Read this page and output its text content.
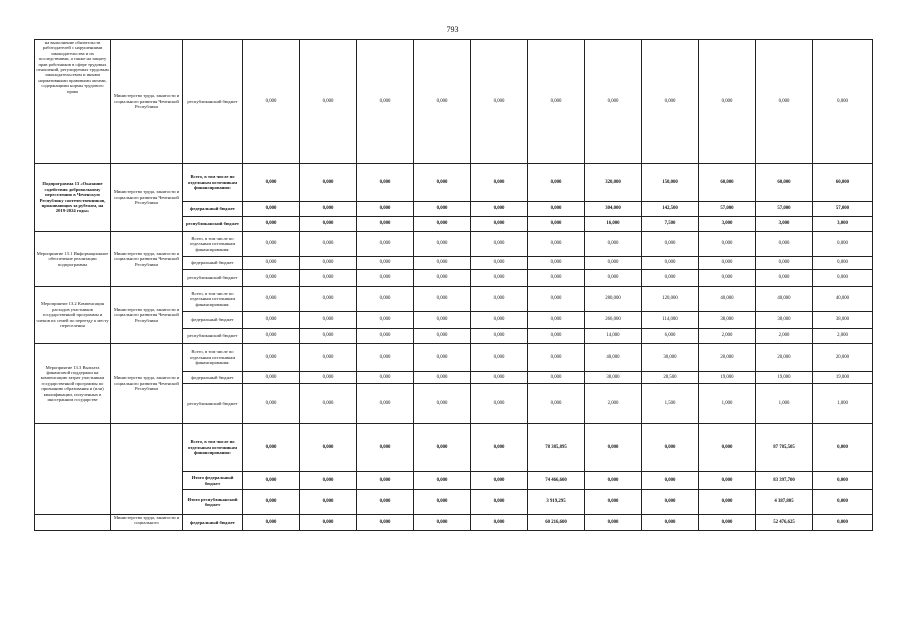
793
на выполнение обязательств работодателей с нарушениями законодательства и их последствиями, а также на защиту прав работников в сфере трудовых отношений, регулируемых трудовым законодательством и иными нормативными правовыми актами, содержащими нормы трудового права	Министерство труда, занятости и социального развития Чеченской Республики	республиканский бюджет	0,000	0,000	0,000	0,000	0,000	0,000	0,000	0,000	0,000	0,000	0,000
Подпрограмма 13 «Оказание содействия добровольному переселению в Чеченскую Республику соотечественников, проживающих за рубежом, на 2019-2024 годы»	Министерство труда, занятости и социального развития Чеченской Республики	Всего, в том числе по отдельным источникам финансирования:	0,000	0,000	0,000	0,000	0,000	0,000	320,000	150,000	60,000	60,000	60,000
		федеральный бюджет	0,000	0,000	0,000	0,000	0,000	0,000	304,000	142,500	57,000	57,000	57,000
		республиканский бюджет	0,000	0,000	0,000	0,000	0,000	0,000	16,000	7,500	3,000	3,000	3,000
Мероприятие 13.1 Информационное обеспечение реализации подпрограммы	Министерство труда, занятости и социального развития Чеченской Республики	Всего, в том числе по отдельным источникам финансирования:	0,000	0,000	0,000	0,000	0,000	0,000	0,000	0,000	0,000	0,000	0,000
		федеральный бюджет	0,000	0,000	0,000	0,000	0,000	0,000	0,000	0,000	0,000	0,000	0,000
		республиканский бюджет	0,000	0,000	0,000	0,000	0,000	0,000	0,000	0,000	0,000	0,000	0,000
Мероприятие 13.2 Компенсация расходов участников государственной программы и членов их семей по переезду к месту переселения	Министерство труда, занятости и социального развития Чеченской Республики	Всего, в том числе по отдельным источникам финансирования:	0,000	0,000	0,000	0,000	0,000	0,000	280,000	120,000	40,000	40,000	40,000
		федеральный бюджет	0,000	0,000	0,000	0,000	0,000	0,000	266,000	114,000	38,000	38,000	38,000
		республиканский бюджет	0,000	0,000	0,000	0,000	0,000	0,000	14,000	6,000	2,000	2,000	2,000
Мероприятие 13.3 Выплата финансовой поддержки на компенсацию затрат участникам государственной программы по признанию образования и (или) квалификации, полученных в иностранном государстве	Министерство труда, занятости и социального развития Чеченской Республики	Всего, в том числе по отдельным источникам финансирования:	0,000	0,000	0,000	0,000	0,000	0,000	40,000	30,000	20,000	20,000	20,000
		федеральный бюджет	0,000	0,000	0,000	0,000	0,000	0,000	38,000	28,500	19,000	19,000	19,000
		республиканский бюджет	0,000	0,000	0,000	0,000	0,000	0,000	2,000	1,500	1,000	1,000	1,000
		Всего, в том числе по отдельным источникам финансирования:	0,000	0,000	0,000	0,000	0,000	78 385,895	0,000	0,000	0,000	87 785,505	0,000
		Итого федеральный бюджет	0,000	0,000	0,000	0,000	0,000	74 466,600	0,000	0,000	0,000	83 397,700	0,000
		Итого республиканский бюджет	0,000	0,000	0,000	0,000	0,000	3 919,295	0,000	0,000	0,000	4 387,805	0,000
	Министерство труда, занятости и социального	федеральный бюджет	0,000	0,000	0,000	0,000	0,000	60 216,600	0,000	0,000	0,000	52 476,625	0,000
